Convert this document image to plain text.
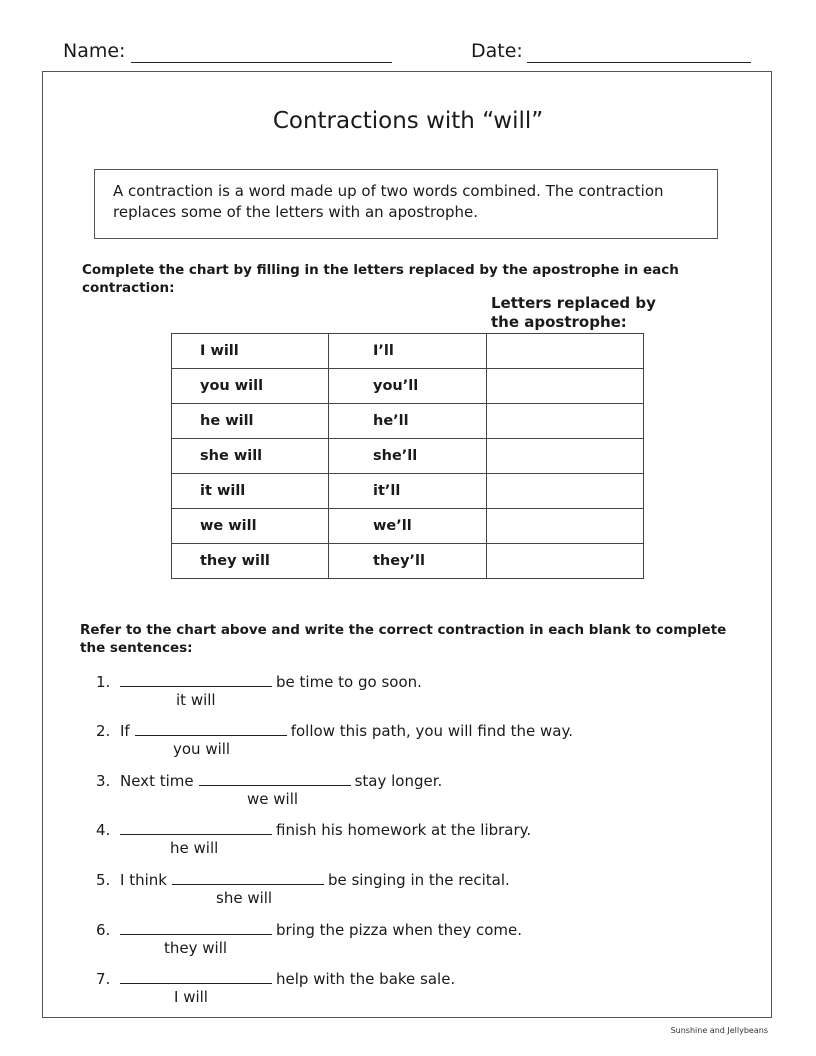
Name:	Date:
Contractions with “will”
A contraction is a word made up of two words combined. The contraction replaces some of the letters with an apostrophe.
Complete the chart by filling in the letters replaced by the apostrophe in each contraction:
Letters replaced by
the apostrophe:
I will	I’ll	
you will	you’ll	
he will	he’ll	
she will	she’ll	
it will	it’ll	
we will	we’ll	
they will	they’ll	
Refer to the chart above and write the correct contraction in each blank to complete the sentences:
1.	be time to go soon.
it will
2. If	follow this path, you will find the way.
you will
3. Next time	stay longer.
we will
4.	finish his homework at the library.
he will
5. I think	be singing in the recital.
she will
6.	bring the pizza when they come.
they will
7.	help with the bake sale.
I will
Sunshine and Jellybeans
